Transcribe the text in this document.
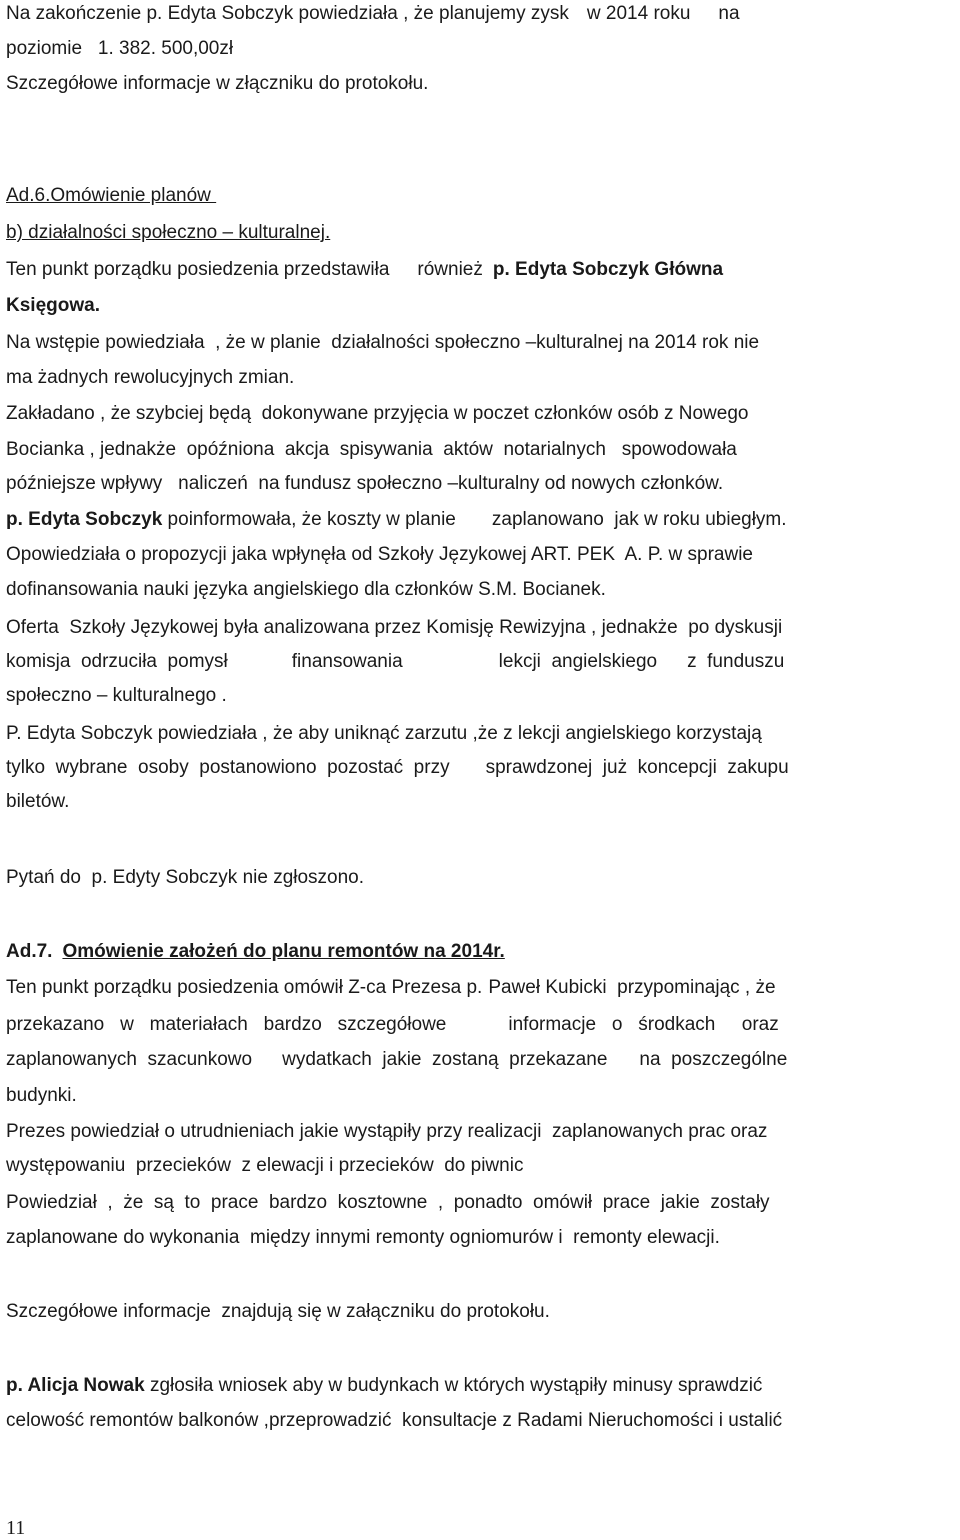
Na zakończenie p. Edyta Sobczyk powiedziała , że planujemy zysk w 2014 roku na
poziomie   1. 382. 500,00zł
Szczegółowe informacje w złączniku do protokołu.
Ad.6.Omówienie planów
b) działalności społeczno – kulturalnej.
Ten punkt porządku posiedzenia przedstawiła również p. Edyta Sobczyk Główna
Księgowa.
Na wstępie powiedziała  , że w planie  działalności społeczno –kulturalnej na 2014 rok nie
ma żadnych rewolucyjnych zmian.
Zakładano , że szybciej będą  dokonywane przyjęcia w poczet członków osób z Nowego
Bocianka , jednakże  opóźniona  akcja  spisywania  aktów  notarialnych   spowodowała
późniejsze wpływy   naliczeń  na fundusz społeczno –kulturalny od nowych członków.
p. Edyta Sobczyk poinformowała, że koszty w planie zaplanowano  jak w roku ubiegłym.
Opowiedziała o propozycji jaka wpłynęła od Szkoły Językowej ART. PEK  A. P. w sprawie
dofinansowania nauki języka angielskiego dla członków S.M. Bocianek.
Oferta  Szkoły Językowej była analizowana przez Komisję Rewizyjna , jednakże  po dyskusji
komisja  odrzuciła  pomysł	finansowania	lekcji  angielskiego z  funduszu
społeczno – kulturalnego .
P. Edyta Sobczyk powiedziała , że aby uniknąć zarzutu ,że z lekcji angielskiego korzystają
tylko  wybrane  osoby  postanowiono  pozostać  przy sprawdzonej  już  koncepcji  zakupu
biletów.
Pytań do  p. Edyty Sobczyk nie zgłoszono.
Ad.7. Omówienie założeń do planu remontów na 2014r.
Ten punkt porządku posiedzenia omówił Z-ca Prezesa p. Paweł Kubicki  przypominając , że
przekazano   w   materiałach   bardzo   szczegółowe	informacje   o   środkach     oraz
zaplanowanych  szacunkowo wydatkach  jakie  zostaną  przekazane na  poszczególne
budynki.
Prezes powiedział o utrudnieniach jakie wystąpiły przy realizacji  zaplanowanych prac oraz
występowaniu  przecieków  z elewacji i przecieków  do piwnic
Powiedział  ,  że  są  to  prace  bardzo  kosztowne  ,  ponadto  omówił  prace  jakie  zostały
zaplanowane do wykonania  między innymi remonty ogniomurów i  remonty elewacji.
Szczegółowe informacje  znajdują się w załączniku do protokołu.
p. Alicja Nowak zgłosiła wniosek aby w budynkach w których wystąpiły minusy sprawdzić
celowość remontów balkonów ,przeprowadzić  konsultacje z Radami Nieruchomości i ustalić
11
